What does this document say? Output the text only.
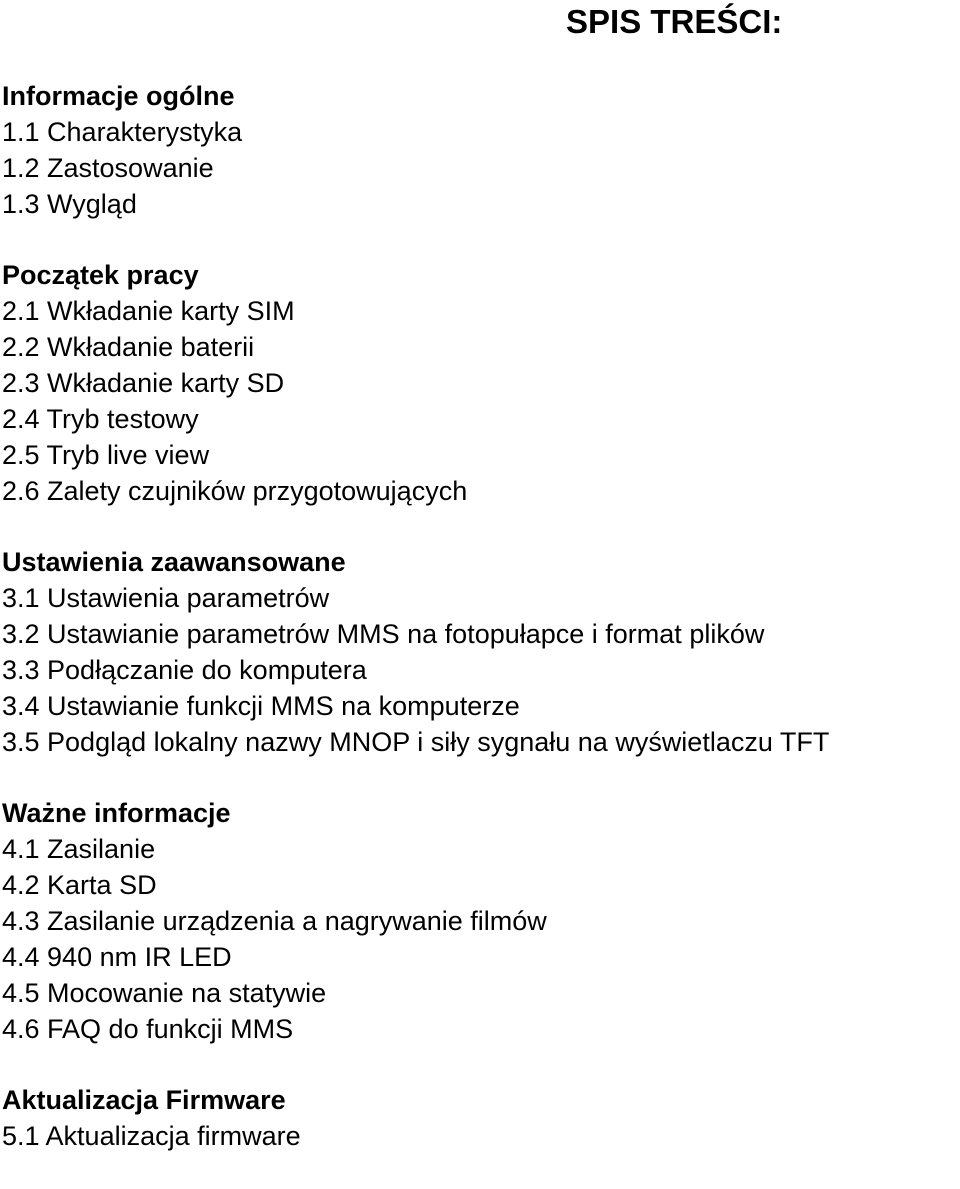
SPIS TREŚCI:
Informacje ogólne
1.1 Charakterystyka
1.2 Zastosowanie
1.3 Wygląd
Początek pracy
2.1 Wkładanie karty SIM
2.2 Wkładanie baterii
2.3 Wkładanie karty SD
2.4 Tryb testowy
2.5 Tryb live view
2.6 Zalety czujników przygotowujących
Ustawienia zaawansowane
3.1 Ustawienia parametrów
3.2 Ustawianie parametrów MMS na fotopułapce i format plików
3.3 Podłączanie do komputera
3.4 Ustawianie funkcji MMS na komputerze
3.5 Podgląd lokalny nazwy MNOP i siły sygnału na wyświetlaczu TFT
Ważne informacje
4.1 Zasilanie
4.2 Karta SD
4.3 Zasilanie urządzenia a nagrywanie filmów
4.4 940 nm IR LED
4.5 Mocowanie na statywie
4.6 FAQ do funkcji MMS
Aktualizacja Firmware
5.1 Aktualizacja firmware
